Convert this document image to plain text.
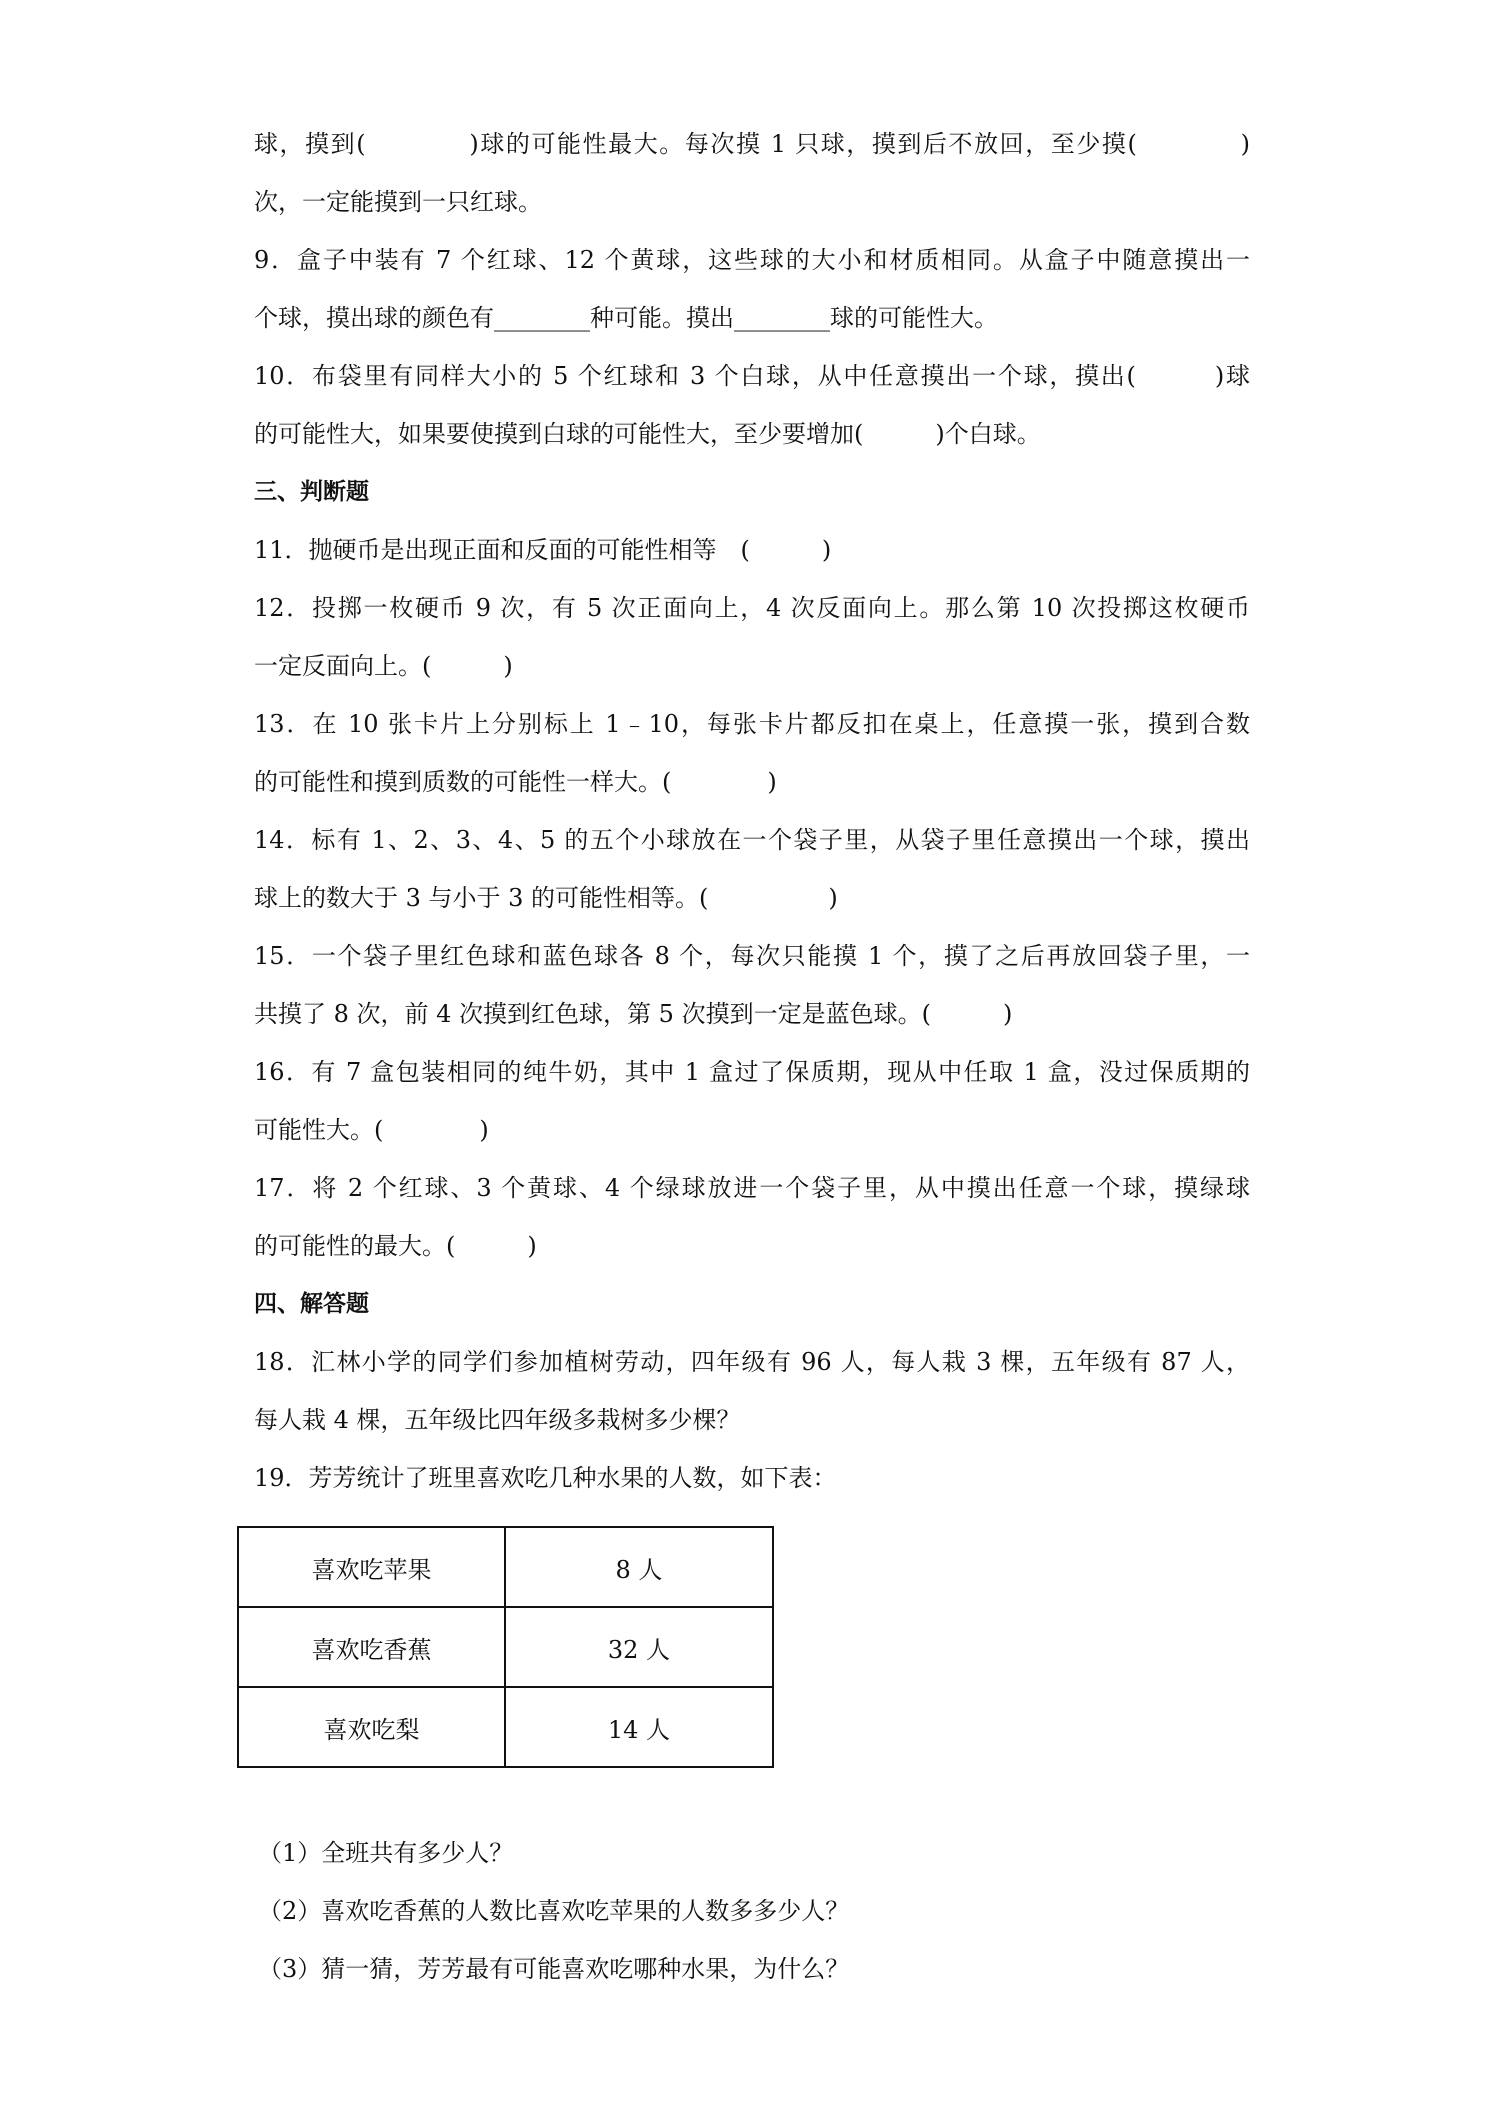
球，摸到(　　　　)球的可能性最大。每次摸 1 只球，摸到后不放回，至少摸(　　　　)
次，一定能摸到一只红球。
9．盒子中装有 7 个红球、12 个黄球，这些球的大小和材质相同。从盒子中随意摸出一
个球，摸出球的颜色有________种可能。摸出________球的可能性大。
10．布袋里有同样大小的 5 个红球和 3 个白球，从中任意摸出一个球，摸出(　　　)球
的可能性大，如果要使摸到白球的可能性大，至少要增加(　　　)个白球。
三、判断题
11．抛硬币是出现正面和反面的可能性相等　(　　　)
12．投掷一枚硬币 9 次，有 5 次正面向上，4 次反面向上。那么第 10 次投掷这枚硬币
一定反面向上。(　　　)
13．在 10 张卡片上分别标上 1﹣10，每张卡片都反扣在桌上，任意摸一张，摸到合数
的可能性和摸到质数的可能性一样大。(　　　　)
14．标有 1、2、3、4、5 的五个小球放在一个袋子里，从袋子里任意摸出一个球，摸出
球上的数大于 3 与小于 3 的可能性相等。(　　　　　)
15．一个袋子里红色球和蓝色球各 8 个，每次只能摸 1 个，摸了之后再放回袋子里，一
共摸了 8 次，前 4 次摸到红色球，第 5 次摸到一定是蓝色球。(　　　)
16．有 7 盒包装相同的纯牛奶，其中 1 盒过了保质期，现从中任取 1 盒，没过保质期的
可能性大。(　　　　)
17．将 2 个红球、3 个黄球、4 个绿球放进一个袋子里，从中摸出任意一个球，摸绿球
的可能性的最大。(　　　)
四、解答题
18．汇林小学的同学们参加植树劳动，四年级有 96 人，每人栽 3 棵，五年级有 87 人，
每人栽 4 棵，五年级比四年级多栽树多少棵？
19．芳芳统计了班里喜欢吃几种水果的人数，如下表：
喜欢吃苹果	8 人
喜欢吃香蕉	32 人
喜欢吃梨	14 人
（1）全班共有多少人？
（2）喜欢吃香蕉的人数比喜欢吃苹果的人数多多少人？
（3）猜一猜，芳芳最有可能喜欢吃哪种水果，为什么？
